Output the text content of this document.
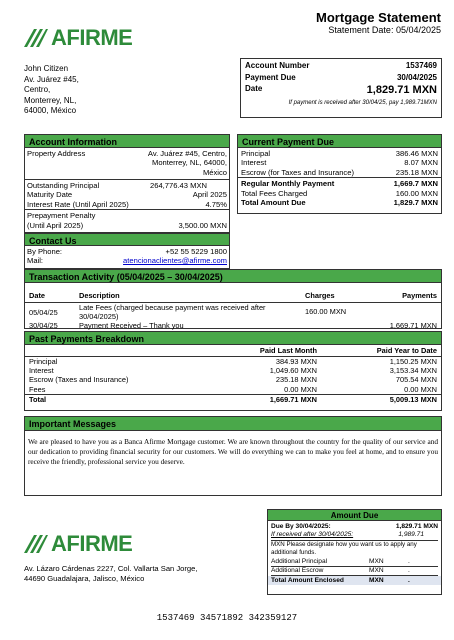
AFIRME
Mortgage Statement
Statement Date: 05/04/2025
John Citizen
Av. Juárez #45,
Centro,
Monterrey, NL,
64000, México
Account Number	1537469
Payment Due	30/04/2025
Date	1,829.71 MXN
If payment is received after 30/04/25, pay 1,989.71MXN
Account Information
Property Address	Av. Juárez #45, Centro,
Monterrey, NL, 64000,
México
Outstanding Principal	264,776.43 MXN
Maturity Date	April 2025
Interest Rate (Until April 2025)	4.75%
Prepayment Penalty
(Until April 2025)	3,500.00 MXN
Contact Us
By Phone:	+52 55 5229 1800
Mail:	atencionaclientes@afirme.com
Current Payment Due
Principal	386.46 MXN
Interest	8.07 MXN
Escrow (for Taxes and Insurance)	235.18 MXN
Regular Monthly Payment	1,669.7 MXN
Total Fees Charged	160.00 MXN
Total Amount Due	1,829.7 MXN
Transaction Activity (05/04/2025 – 30/04/2025)
Date	Description	Charges	Payments
05/04/25	Late Fees (charged because payment was received after 30/04/2025)	160.00 MXN	
30/04/25	Payment Received – Thank you		1,669.71 MXN
Past Payments Breakdown
	Paid Last Month	Paid Year to Date
Principal	384.93 MXN	1,150.25 MXN
Interest	1,049.60 MXN	3,153.34 MXN
Escrow (Taxes and Insurance)	235.18 MXN	705.54 MXN
Fees	0.00 MXN	0.00 MXN
Total	1,669.71 MXN	5,009.13 MXN
Important Messages
We are pleased to have you as a Banca Afirme Mortgage customer. We are known throughout the country for the quality of our service and our dedication to providing financial security for our customers. We will do everything we can to make you feel at home, and to ensure you receive the friendly, professional service you deserve.
AFIRME
Av. Lázaro Cárdenas 2227, Col. Vallarta San Jorge,
44690 Guadalajara, Jalisco, México
Amount Due
Due By 30/04/2025:	1,829.71 MXN
If received after 30/04/2025:	1,989.71
MXN Please designate how you want us to apply any additional funds.
Additional Principal	MXN	.
Additional Escrow	MXN	.
Total Amount Enclosed	MXN	.
1537469 34571892 342359127
